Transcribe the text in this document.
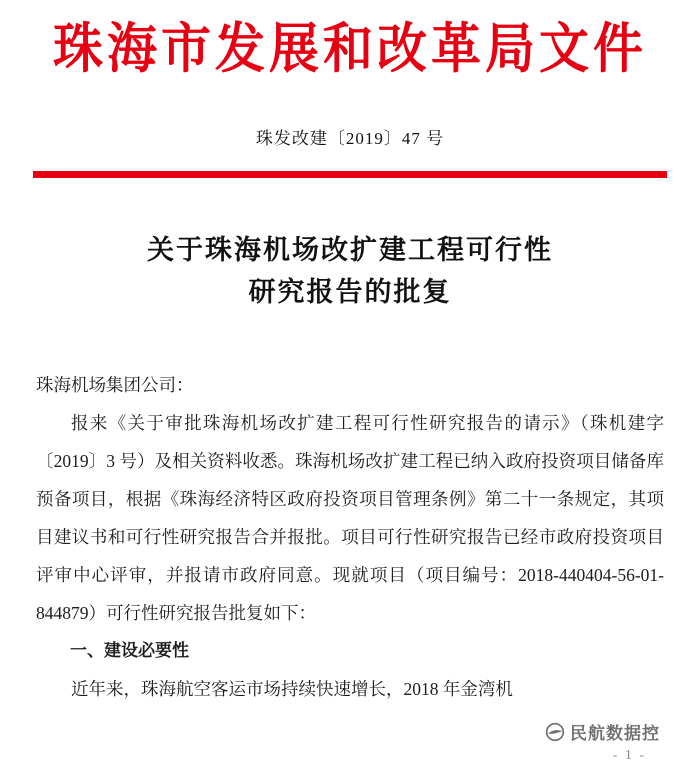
珠海市发展和改革局文件
珠发改建〔2019〕47 号
关于珠海机场改扩建工程可行性
研究报告的批复
珠海机场集团公司：
报来《关于审批珠海机场改扩建工程可行性研究报告的请示》（珠机建字〔2019〕3 号）及相关资料收悉。珠海机场改扩建工程已纳入政府投资项目储备库预备项目，根据《珠海经济特区政府投资项目管理条例》第二十一条规定，其项目建议书和可行性研究报告合并报批。项目可行性研究报告已经市政府投资项目评审中心评审，并报请市政府同意。现就项目（项目编号：2018-440404-56-01-844879）可行性研究报告批复如下：
一、建设必要性
近年来，珠海航空客运市场持续快速增长，2018 年金湾机
民航数据控
- 1 -
